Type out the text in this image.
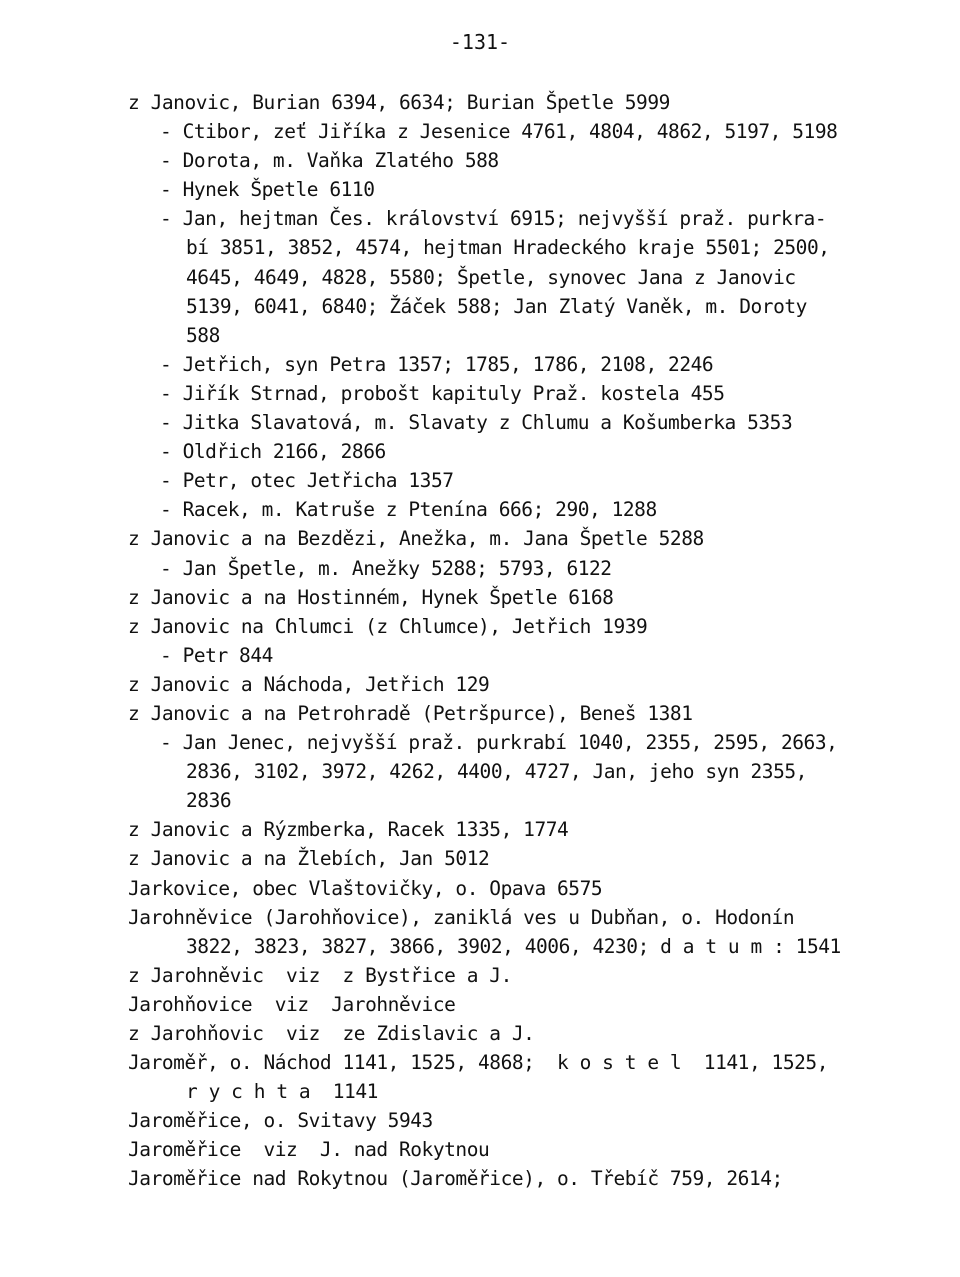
-131-
z Janovic, Burian 6394, 6634; Burian Špetle 5999
- Ctibor, zeť Jiříka z Jesenice 4761, 4804, 4862, 5197, 5198
- Dorota, m. Vaňka Zlatého 588
- Hynek Špetle 6110
- Jan, hejtman Čes. království 6915; nejvyšší praž. purkra-
bí 3851, 3852, 4574, hejtman Hradeckého kraje 5501; 2500,
4645, 4649, 4828, 5580; Špetle, synovec Jana z Janovic
5139, 6041, 6840; Žáček 588; Jan Zlatý Vaněk, m. Doroty
588
- Jetřich, syn Petra 1357; 1785, 1786, 2108, 2246
- Jiřík Strnad, probošt kapituly Praž. kostela 455
- Jitka Slavatová, m. Slavaty z Chlumu a Košumberka 5353
- Oldřich 2166, 2866
- Petr, otec Jetřicha 1357
- Racek, m. Katruše z Ptenína 666; 290, 1288
z Janovic a na Bezdězi, Anežka, m. Jana Špetle 5288
- Jan Špetle, m. Anežky 5288; 5793, 6122
z Janovic a na Hostinném, Hynek Špetle 6168
z Janovic na Chlumci (z Chlumce), Jetřich 1939
- Petr 844
z Janovic a Náchoda, Jetřich 129
z Janovic a na Petrohradě (Petršpurce), Beneš 1381
- Jan Jenec, nejvyšší praž. purkrabí 1040, 2355, 2595, 2663,
2836, 3102, 3972, 4262, 4400, 4727, Jan, jeho syn 2355,
2836
z Janovic a Rýzmberka, Racek 1335, 1774
z Janovic a na Žlebích, Jan 5012
Jarkovice, obec Vlaštovičky, o. Opava 6575
Jarohněvice (Jarohňovice), zaniklá ves u Dubňan, o. Hodonín
3822, 3823, 3827, 3866, 3902, 4006, 4230; d a t u m : 1541
z Jarohněvic  viz  z Bystřice a J.
Jarohňovice  viz  Jarohněvice
z Jarohňovic  viz  ze Zdislavic a J.
Jaroměř, o. Náchod 1141, 1525, 4868;  k o s t e l  1141, 1525,
r y c h t a  1141
Jaroměřice, o. Svitavy 5943
Jaroměřice  viz  J. nad Rokytnou
Jaroměřice nad Rokytnou (Jaroměřice), o. Třebíč 759, 2614;
